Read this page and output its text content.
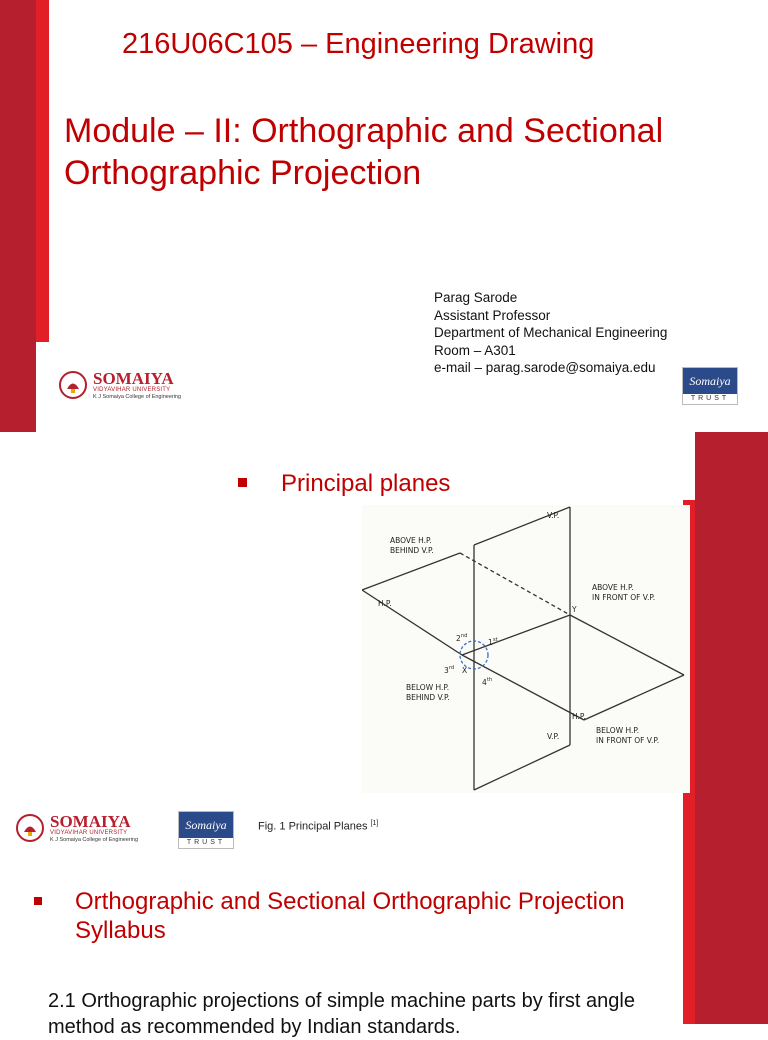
216U06C105 – Engineering Drawing
Module – II: Orthographic and Sectional Orthographic Projection
Parag Sarode
Assistant Professor
Department of Mechanical Engineering
Room – A301
e-mail – parag.sarode@somaiya.edu
SOMAIYA
VIDYAVIHAR UNIVERSITY
K J Somaiya College of Engineering
Somaiya
TRUST
Principal planes
V.P.
V.P.
H.P.
H.P.
ABOVE H.P.
BEHIND V.P.
ABOVE H.P.
IN FRONT OF V.P.
BELOW H.P.
BEHIND V.P.
BELOW H.P.
IN FRONT OF V.P.
X
Y
2 nd
1 st
3 rd
4 th
SOMAIYA
VIDYAVIHAR UNIVERSITY
K J Somaiya College of Engineering
Somaiya
TRUST
Fig. 1 Principal Planes [1]
Orthographic and Sectional Orthographic Projection Syllabus
2.1 Orthographic projections of simple machine parts by first angle method as recommended by Indian standards.
